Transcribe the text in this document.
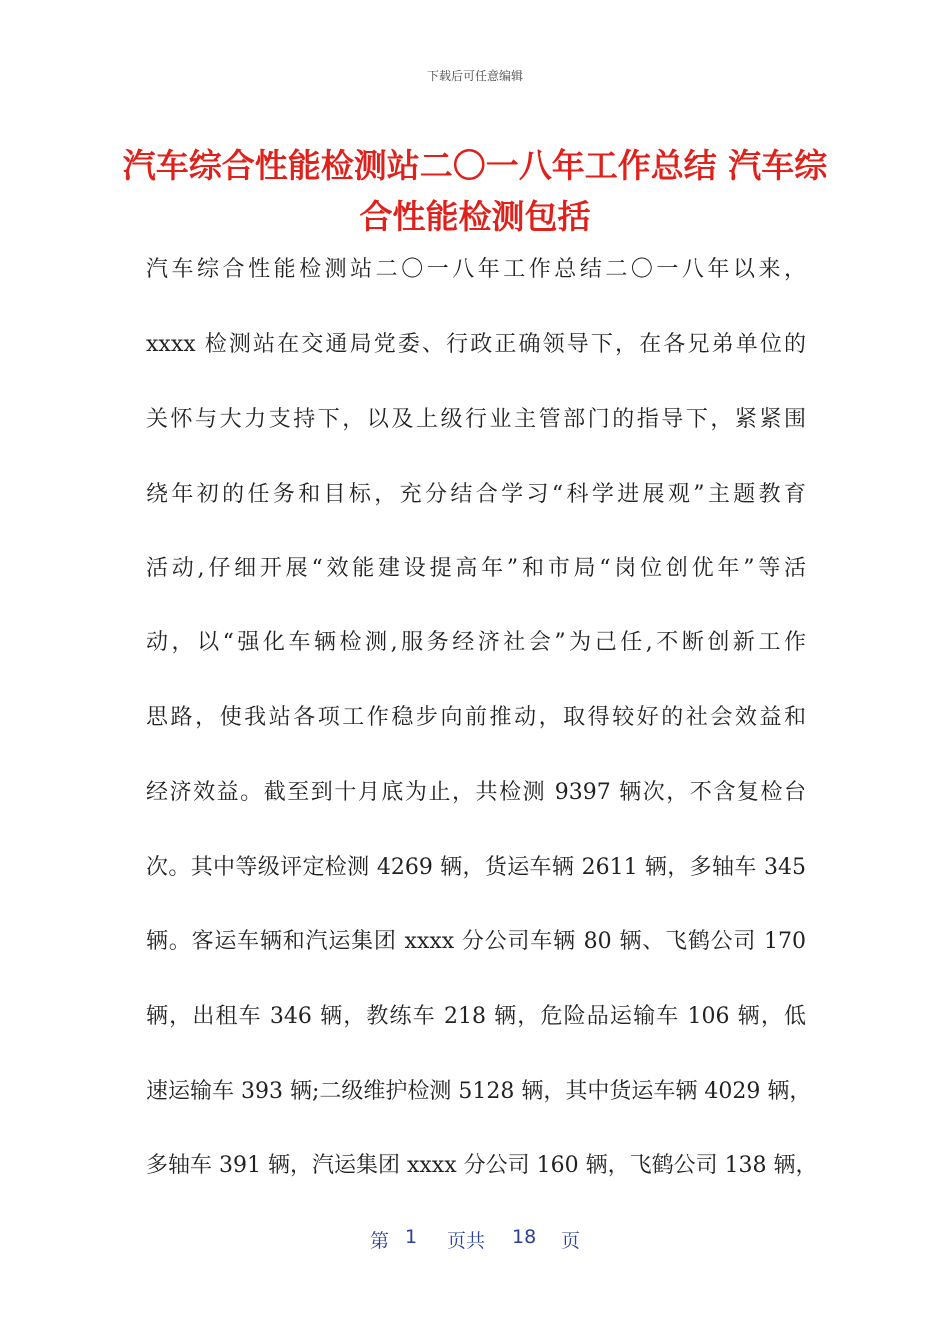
下载后可任意编辑
汽车综合性能检测站二〇一八年工作总结 汽车综合性能检测包括
汽车综合性能检测站二〇一八年工作总结二〇一八年以来，
xxxx 检测站在交通局党委、行政正确领导下，在各兄弟单位的
关怀与大力支持下，以及上级行业主管部门的指导下，紧紧围
绕年初的任务和目标，充分结合学习“科学进展观”主题教育
活动,仔细开展“效能建设提高年”和市局“岗位创优年”等活
动，以“强化车辆检测,服务经济社会”为己任,不断创新工作
思路，使我站各项工作稳步向前推动，取得较好的社会效益和
经济效益。截至到十月底为止，共检测 9397 辆次，不含复检台
次。其中等级评定检测 4269 辆，货运车辆 2611 辆，多轴车 345
辆。客运车辆和汽运集团 xxxx 分公司车辆 80 辆、飞鹤公司 170
辆，出租车 346 辆，教练车 218 辆，危险品运输车 106 辆，低
速运输车 393 辆;二级维护检测 5128 辆，其中货运车辆 4029 辆，
多轴车 391 辆，汽运集团 xxxx 分公司 160 辆，飞鹤公司 138 辆，
第 1 页共 18 页
